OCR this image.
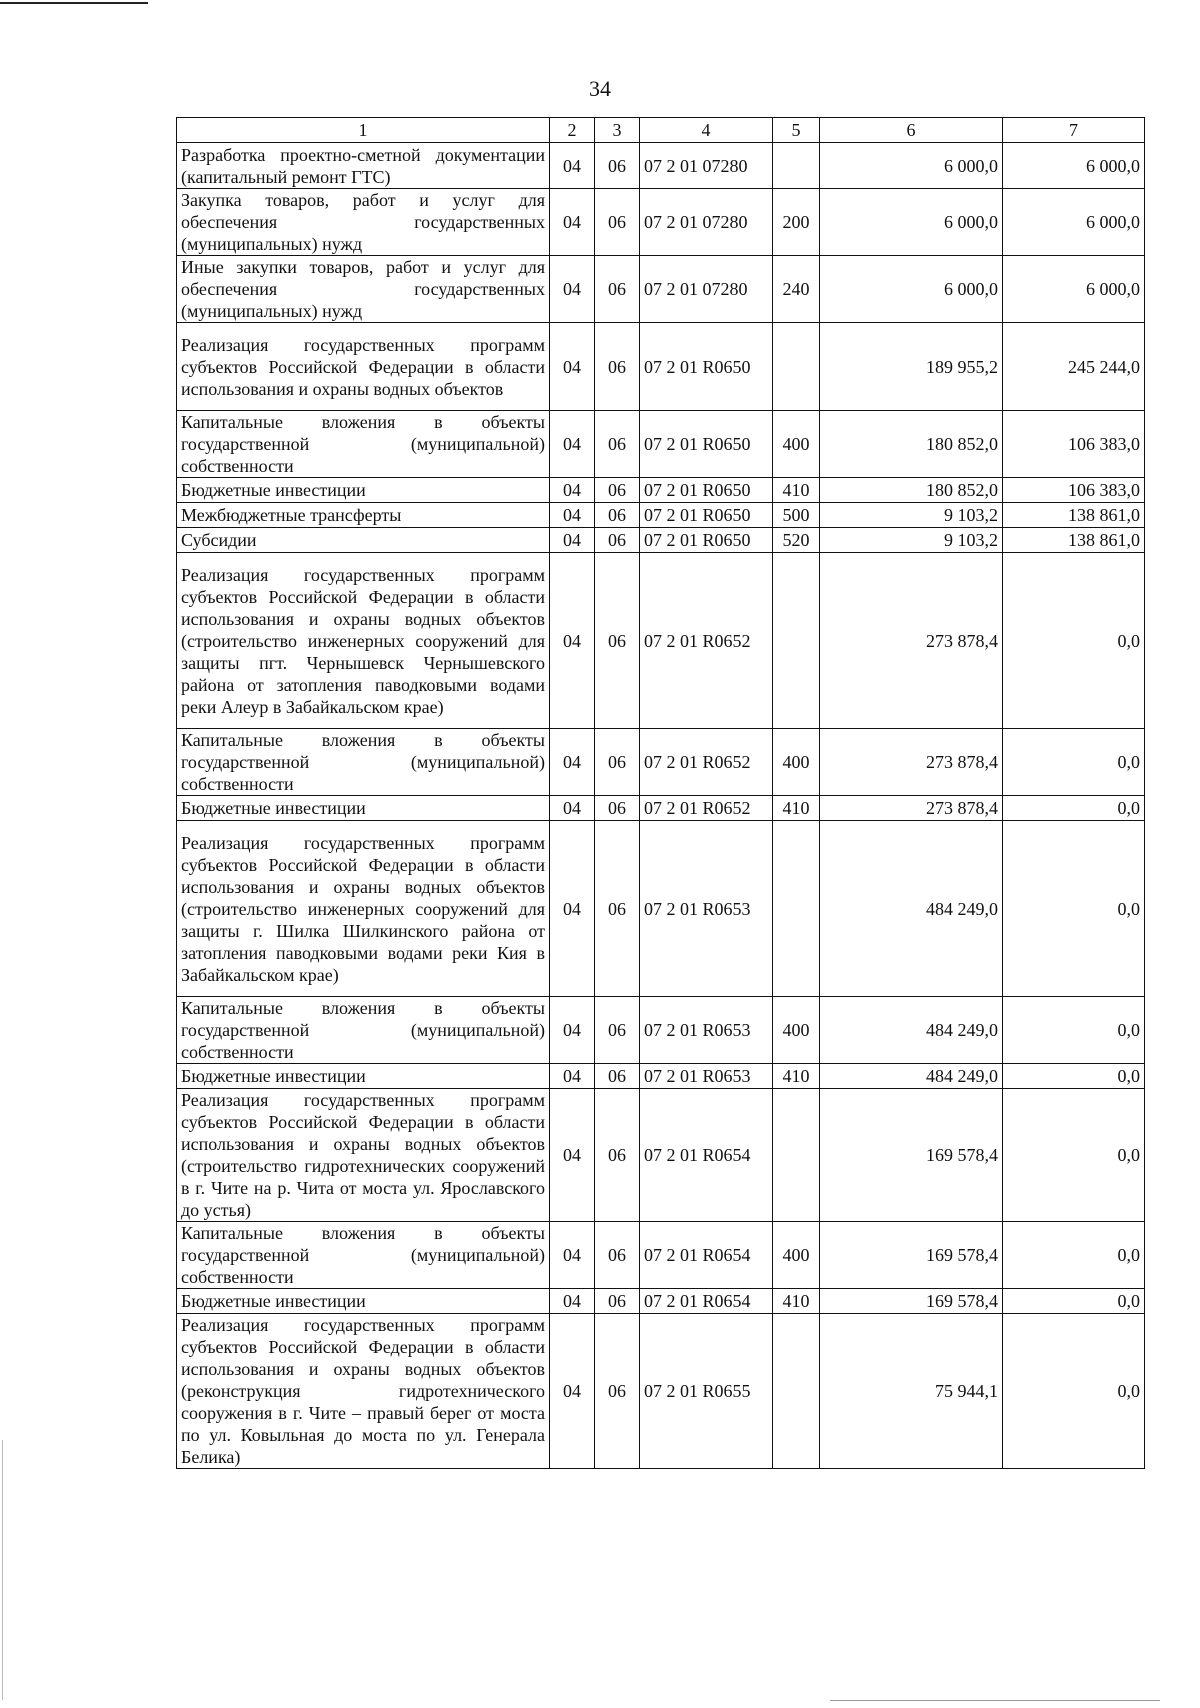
34
1	2	3	4	5	6	7
Разработка проектно-сметной документации (капитальный ремонт ГТС)	04	06	07 2 01 07280		6 000,0	6 000,0
Закупка товаров, работ и услуг для обеспечения государственных (муниципальных) нужд	04	06	07 2 01 07280	200	6 000,0	6 000,0
Иные закупки товаров, работ и услуг для обеспечения государственных (муниципальных) нужд	04	06	07 2 01 07280	240	6 000,0	6 000,0
Реализация государственных программ субъектов Российской Федерации в области использования и охраны водных объектов	04	06	07 2 01 R0650		189 955,2	245 244,0
Капитальные вложения в объекты государственной (муниципальной) собственности	04	06	07 2 01 R0650	400	180 852,0	106 383,0
Бюджетные инвестиции	04	06	07 2 01 R0650	410	180 852,0	106 383,0
Межбюджетные трансферты	04	06	07 2 01 R0650	500	9 103,2	138 861,0
Субсидии	04	06	07 2 01 R0650	520	9 103,2	138 861,0
Реализация государственных программ субъектов Российской Федерации в области использования и охраны водных объектов (строительство инженерных сооружений для защиты пгт. Чернышевск Чернышевского района от затопления паводковыми водами реки Алеур в Забайкальском крае)	04	06	07 2 01 R0652		273 878,4	0,0
Капитальные вложения в объекты государственной (муниципальной) собственности	04	06	07 2 01 R0652	400	273 878,4	0,0
Бюджетные инвестиции	04	06	07 2 01 R0652	410	273 878,4	0,0
Реализация государственных программ субъектов Российской Федерации в области использования и охраны водных объектов (строительство инженерных сооружений для защиты г. Шилка Шилкинского района от затопления паводковыми водами реки Кия в Забайкальском крае)	04	06	07 2 01 R0653		484 249,0	0,0
Капитальные вложения в объекты государственной (муниципальной) собственности	04	06	07 2 01 R0653	400	484 249,0	0,0
Бюджетные инвестиции	04	06	07 2 01 R0653	410	484 249,0	0,0
Реализация государственных программ субъектов Российской Федерации в области использования и охраны водных объектов (строительство гидротехнических сооружений в г. Чите на р. Чита от моста ул. Ярославского до устья)	04	06	07 2 01 R0654		169 578,4	0,0
Капитальные вложения в объекты государственной (муниципальной) собственности	04	06	07 2 01 R0654	400	169 578,4	0,0
Бюджетные инвестиции	04	06	07 2 01 R0654	410	169 578,4	0,0
Реализация государственных программ субъектов Российской Федерации в области использования и охраны водных объектов (реконструкция гидротехнического сооружения в г. Чите – правый берег от моста по ул. Ковыльная до моста по ул. Генерала Белика)	04	06	07 2 01 R0655		75 944,1	0,0
